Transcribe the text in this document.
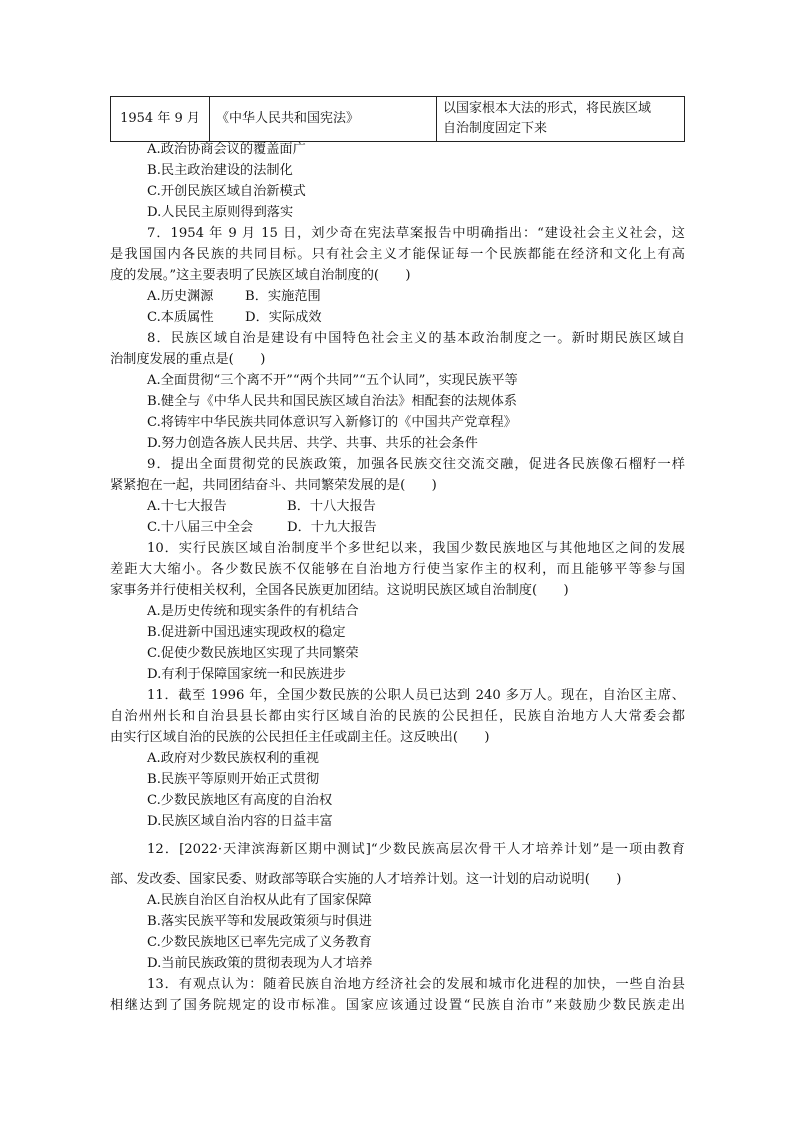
1954 年 9 月	《中华人民共和国宪法》	
以国家根本大法的形式，将民族区域
自治制度固定下来
A.政治协商会议的覆盖面广
B.民主政治建设的法制化
C.开创民族区域自治新模式
D.人民民主原则得到落实
7．1954 年 9 月 15 日，刘少奇在宪法草案报告中明确指出：“建设社会主义社会，这
是我国国内各民族的共同目标。只有社会主义才能保证每一个民族都能在经济和文化上有高
度的发展。”这主要表明了民族区域自治制度的(　　)
A.历史渊源 B．实施范围
C.本质属性 D．实际成效
8．民族区域自治是建设有中国特色社会主义的基本政治制度之一。新时期民族区域自
治制度发展的重点是(　　)
A.全面贯彻“三个离不开”“两个共同”“五个认同”，实现民族平等
B.健全与《中华人民共和国民族区域自治法》相配套的法规体系
C.将铸牢中华民族共同体意识写入新修订的《中国共产党章程》
D.努力创造各族人民共居、共学、共事、共乐的社会条件
9．提出全面贯彻党的民族政策，加强各民族交往交流交融，促进各民族像石榴籽一样
紧紧抱在一起，共同团结奋斗、共同繁荣发展的是(　　)
A.十七大报告	B．十八大报告
C.十八届三中全会	D．十九大报告
10．实行民族区域自治制度半个多世纪以来，我国少数民族地区与其他地区之间的发展
差距大大缩小。各少数民族不仅能够在自治地方行使当家作主的权利，而且能够平等参与国
家事务并行使相关权利，全国各民族更加团结。这说明民族区域自治制度(　　)
A.是历史传统和现实条件的有机结合
B.促进新中国迅速实现政权的稳定
C.促使少数民族地区实现了共同繁荣
D.有利于保障国家统一和民族进步
11．截至 1996 年，全国少数民族的公职人员已达到 240 多万人。现在，自治区主席、
自治州州长和自治县县长都由实行区域自治的民族的公民担任，民族自治地方人大常委会都
由实行区域自治的民族的公民担任主任或副主任。这反映出(　　)
A.政府对少数民族权利的重视
B.民族平等原则开始正式贯彻
C.少数民族地区有高度的自治权
D.民族区域自治内容的日益丰富
12．[2022·天津滨海新区期中测试]“少数民族高层次骨干人才培养计划”是一项由教育
部、发改委、国家民委、财政部等联合实施的人才培养计划。这一计划的启动说明(　　)
A.民族自治区自治权从此有了国家保障
B.落实民族平等和发展政策须与时俱进
C.少数民族地区已率先完成了义务教育
D.当前民族政策的贯彻表现为人才培养
13．有观点认为：随着民族自治地方经济社会的发展和城市化进程的加快，一些自治县
相继达到了国务院规定的设市标准。国家应该通过设置“民族自治市”来鼓励少数民族走出
